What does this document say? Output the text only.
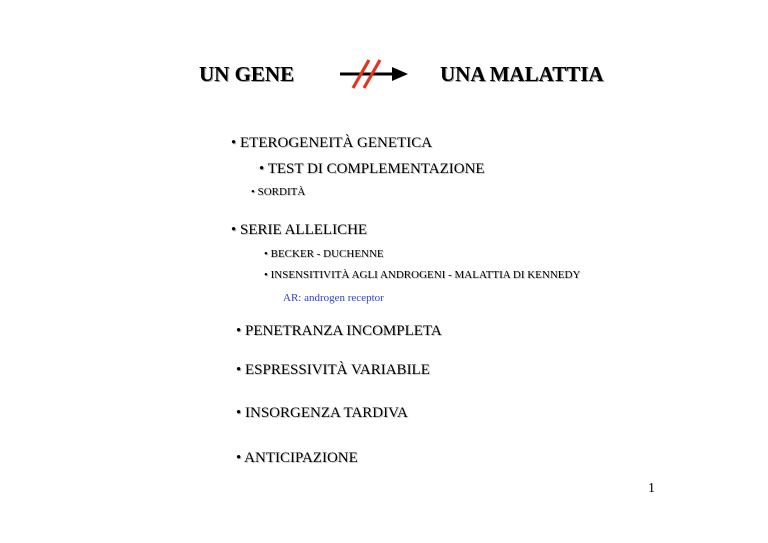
UN GENE	UNA MALATTIA
• ETEROGENEITÀ GENETICA
• TEST DI COMPLEMENTAZIONE
• SORDITÀ
• SERIE ALLELICHE
• BECKER - DUCHENNE
• INSENSITIVITÀ AGLI ANDROGENI - MALATTIA DI KENNEDY
AR: androgen receptor
• PENETRANZA INCOMPLETA
• ESPRESSIVITÀ VARIABILE
• INSORGENZA TARDIVA
• ANTICIPAZIONE
1
